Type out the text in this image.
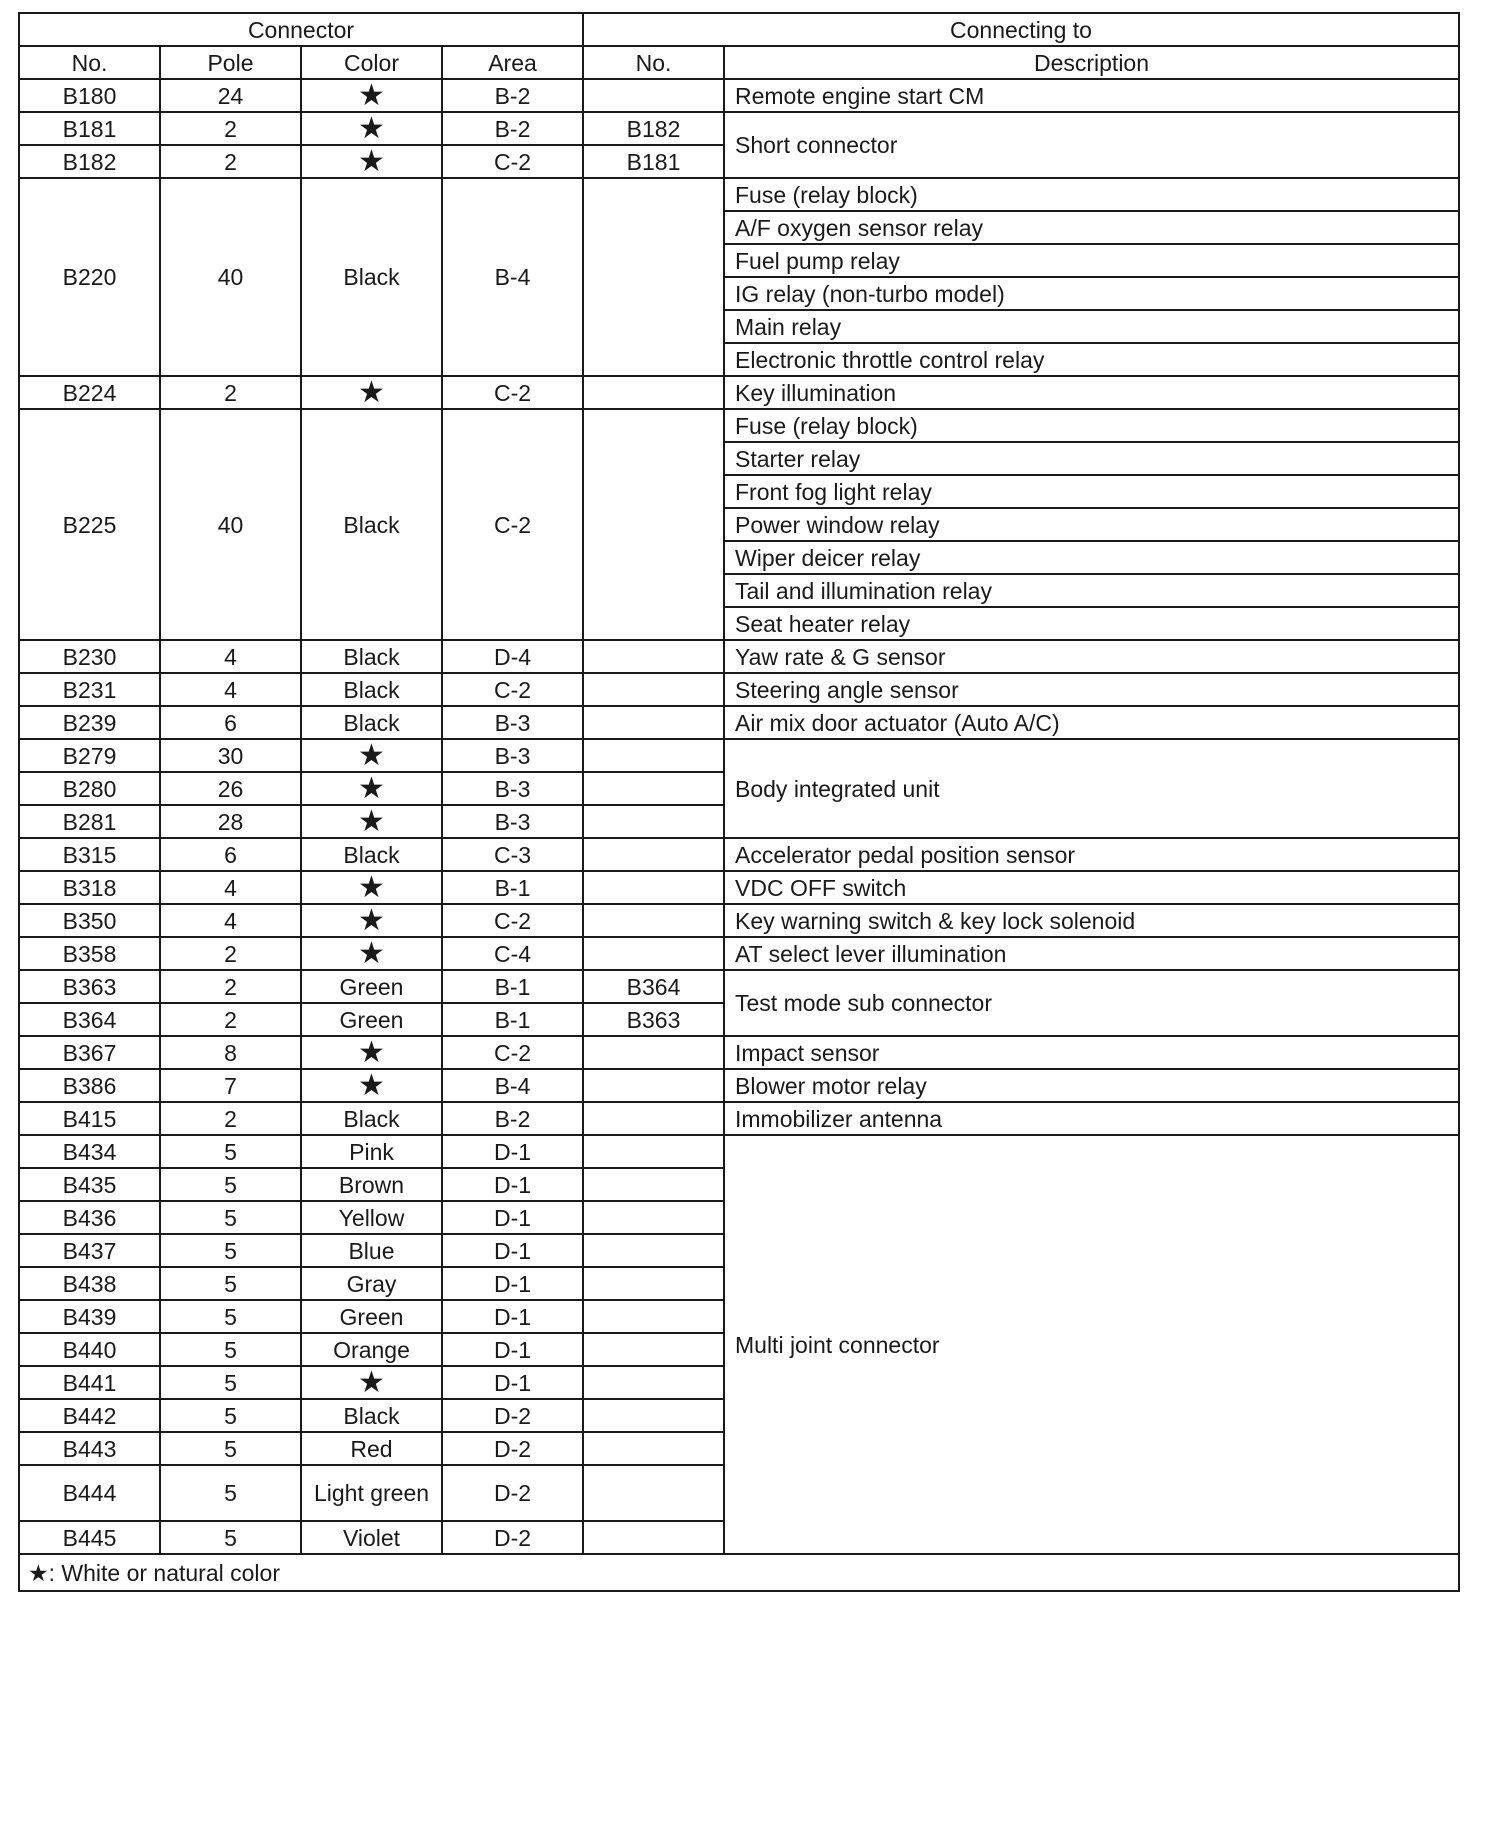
Connector				Connecting to	
No.	Pole	Color	Area	No.	Description
B180	24	★	B-2		Remote engine start CM
B181	2	★	B-2	B182	Short connector
B182	2	★	C-2	B181	
B220	40	Black	B-4		Fuse (relay block)
					A/F oxygen sensor relay
					Fuel pump relay
					IG relay (non-turbo model)
					Main relay
					Electronic throttle control relay
B224	2	★	C-2		Key illumination
B225	40	Black	C-2		Fuse (relay block)
					Starter relay
					Front fog light relay
					Power window relay
					Wiper deicer relay
					Tail and illumination relay
					Seat heater relay
B230	4	Black	D-4		Yaw rate & G sensor
B231	4	Black	C-2		Steering angle sensor
B239	6	Black	B-3		Air mix door actuator (Auto A/C)
B279	30	★	B-3		Body integrated unit
B280	26	★	B-3		
B281	28	★	B-3		
B315	6	Black	C-3		Accelerator pedal position sensor
B318	4	★	B-1		VDC OFF switch
B350	4	★	C-2		Key warning switch & key lock solenoid
B358	2	★	C-4		AT select lever illumination
B363	2	Green	B-1	B364	Test mode sub connector
B364	2	Green	B-1	B363	
B367	8	★	C-2		Impact sensor
B386	7	★	B-4		Blower motor relay
B415	2	Black	B-2		Immobilizer antenna
B434	5	Pink	D-1		Multi joint connector
B435	5	Brown	D-1		
B436	5	Yellow	D-1		
B437	5	Blue	D-1		
B438	5	Gray	D-1		
B439	5	Green	D-1		
B440	5	Orange	D-1		
B441	5	★	D-1		
B442	5	Black	D-2		
B443	5	Red	D-2		
B444	5	Light green	D-2		
B445	5	Violet	D-2		
★: White or natural color					
